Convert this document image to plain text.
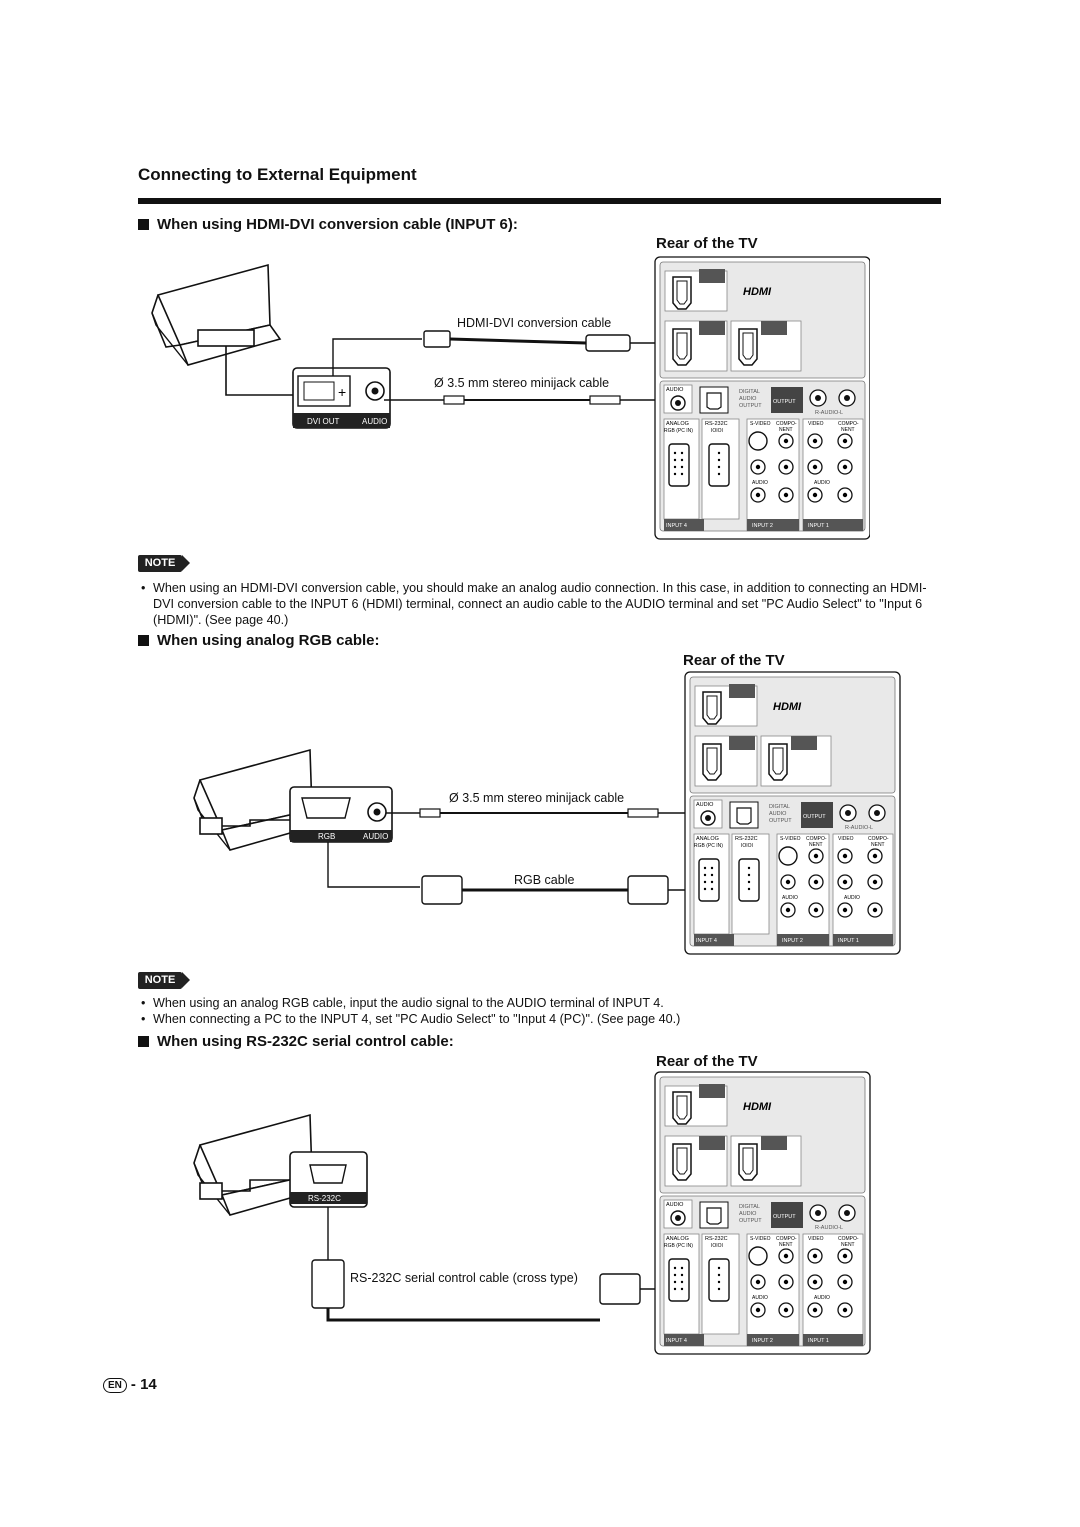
Connecting to External Equipment
When using HDMI-DVI conversion cable (INPUT 6):
Rear of the TV
+
DVI OUT	AUDIO
HDMI-DVI conversion cable
Ø 3.5 mm stereo minijack cable
NOTE
• When using an HDMI-DVI conversion cable, you should make an analog audio connection. In this case, in addition to connecting an HDMI-DVI conversion cable to the INPUT 6 (HDMI) terminal, connect an audio cable to the AUDIO terminal and set "PC Audio Select" to "Input 6 (HDMI)". (See page 40.)
When using analog RGB cable:
Rear of the TV
RGB	AUDIO
Ø 3.5 mm stereo minijack cable
RGB cable
NOTE
• When using an analog RGB cable, input the audio signal to the AUDIO terminal of INPUT 4.
• When connecting a PC to the INPUT 4, set "PC Audio Select" to "Input 4 (PC)". (See page 40.)
When using RS-232C serial control cable:
Rear of the TV
RS-232C
RS-232C serial control cable (cross type)
EN - 14
